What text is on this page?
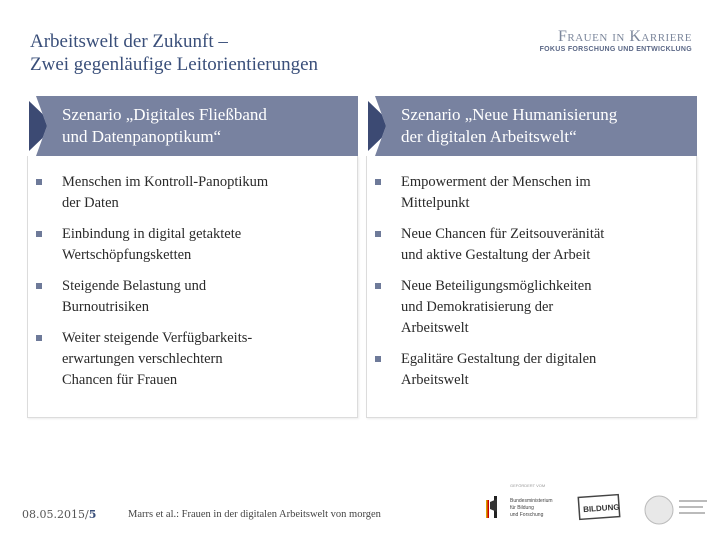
Arbeitswelt der Zukunft –
Zwei gegenläufige Leitorientierungen
Frauen in Karriere
FOKUS FORSCHUNG UND ENTWICKLUNG
Szenario „Digitales Fließband
und Datenpanoptikum“
Menschen im Kontroll-Panoptikum
der Daten
Einbindung in digital getaktete
Wertschöpfungsketten
Steigende Belastung und
Burnoutrisiken
Weiter steigende Verfügbarkeits-
erwartungen verschlechtern
Chancen für Frauen
Szenario „Neue Humanisierung
der digitalen Arbeitswelt“
Empowerment der Menschen im
Mittelpunkt
Neue Chancen für Zeitsouveränität
und aktive Gestaltung der Arbeit
Neue Beteiligungsmöglichkeiten
und Demokratisierung der
Arbeitswelt
Egalitäre Gestaltung der digitalen
Arbeitswelt
08.05.2015/5	Marrs et al.: Frauen in der digitalen Arbeitswelt von morgen
GEFÖRDERT VOM
Bundesministerium
für Bildung
und Forschung
BILDUNG
